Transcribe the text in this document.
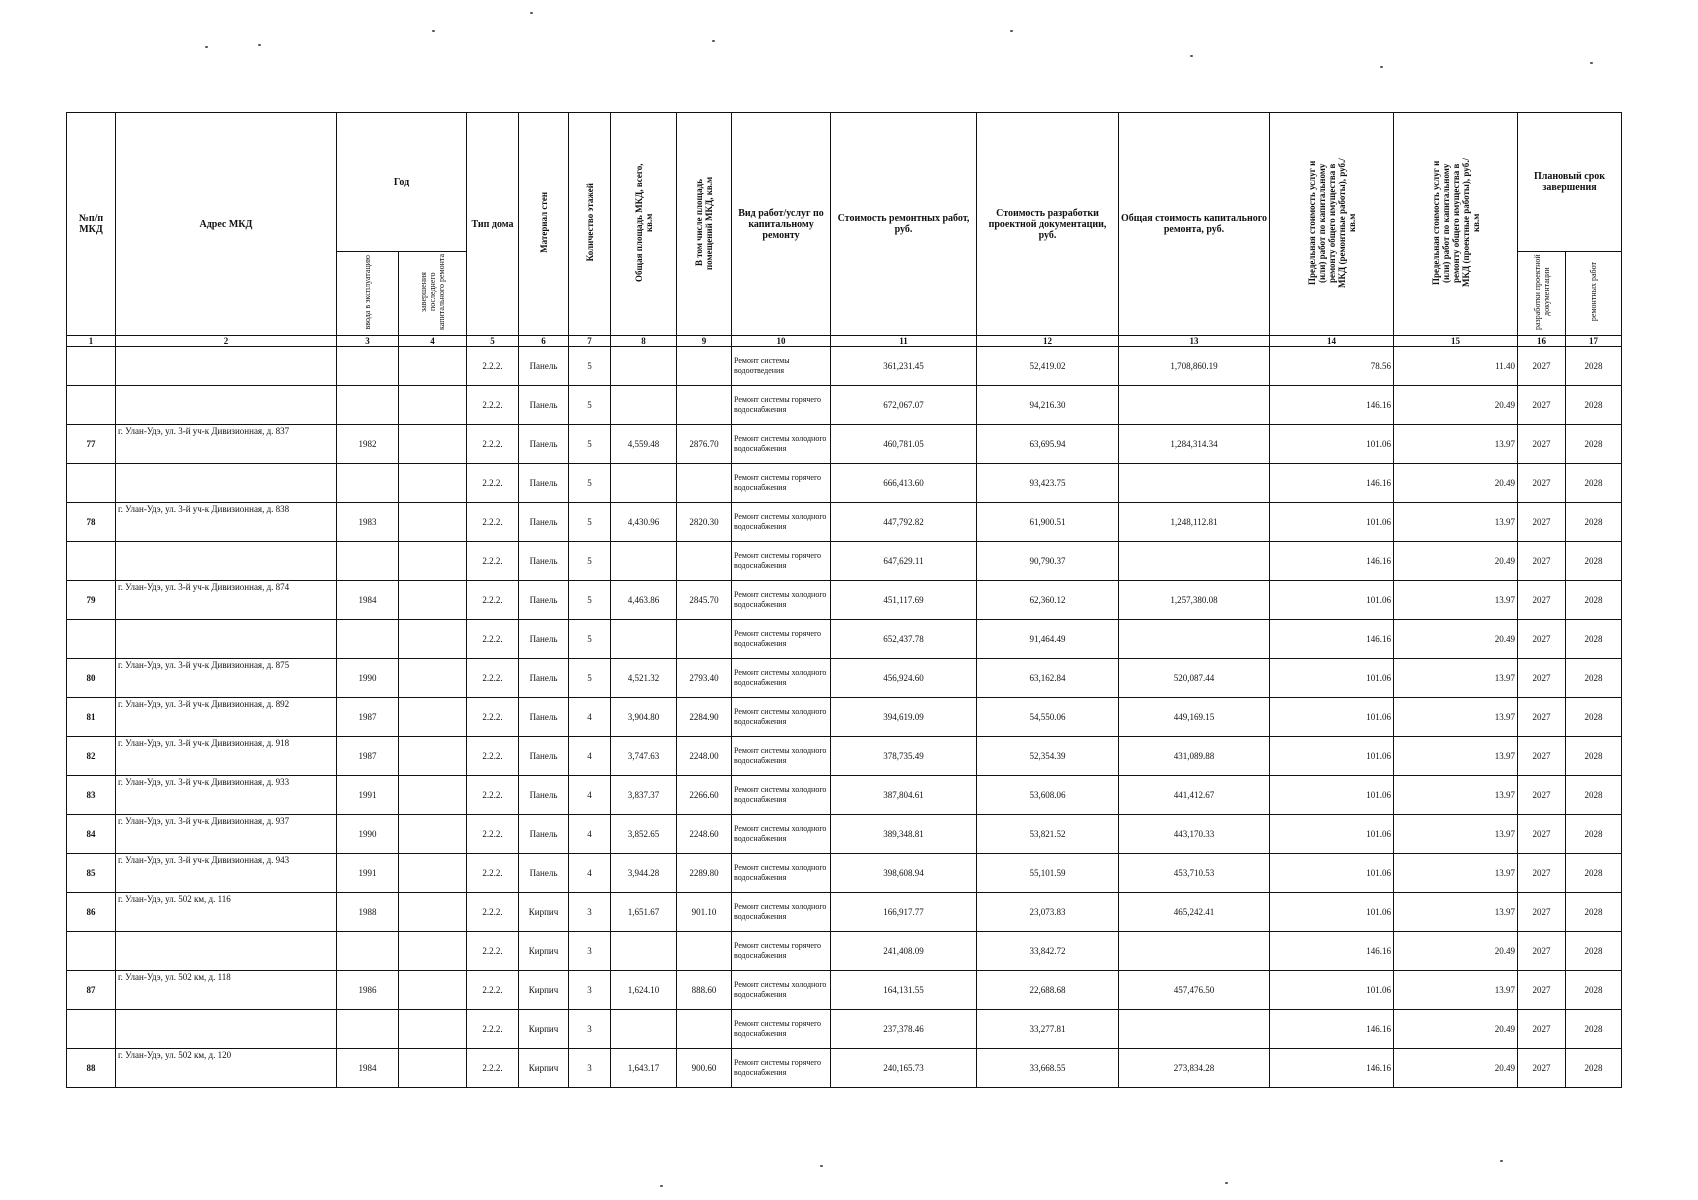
№п/п МКД	Адрес МКД	Год		Тип дома	Материал стен	Количество этажей	Общая площадь МКД, всего, кв.м	В том числе площадь помещений МКД, кв.м	Вид работ/услуг по капитальному ремонту	Стоимость ремонтных работ, руб.	Стоимость разработки проектной документации, руб.	Общая стоимость капитального ремонта, руб.	Предельная стоимость услуг и (или) работ по капитальному ремонту общего имущества в МКД (ремонтные работы), руб./кв.м	Предельная стоимость услуг и (или) работ по капитальному ремонту общего имущества в МКД (проектные работы), руб./кв.м	Плановый срок завершения	
		ввода в эксплуатацию	завершения последнего капитального ремонта												разработки проектной документации	ремонтных работ
1	2	3	4	5	6	7	8	9	10	11	12	13	14	15	16	17
				2.2.2.	Панель	5			Ремонт системы водоотведения	361,231.45	52,419.02	1,708,860.19	78.56	11.40	2027	2028
				2.2.2.	Панель	5			Ремонт системы горячего водоснабжения	672,067.07	94,216.30		146.16	20.49	2027	2028
77	г. Улан-Удэ, ул. 3-й уч-к Дивизионная, д. 837	1982		2.2.2.	Панель	5	4,559.48	2876.70	Ремонт системы холодного водоснабжения	460,781.05	63,695.94	1,284,314.34	101.06	13.97	2027	2028
				2.2.2.	Панель	5			Ремонт системы горячего водоснабжения	666,413.60	93,423.75		146.16	20.49	2027	2028
78	г. Улан-Удэ, ул. 3-й уч-к Дивизионная, д. 838	1983		2.2.2.	Панель	5	4,430.96	2820.30	Ремонт системы холодного водоснабжения	447,792.82	61,900.51	1,248,112.81	101.06	13.97	2027	2028
				2.2.2.	Панель	5			Ремонт системы горячего водоснабжения	647,629.11	90,790.37		146.16	20.49	2027	2028
79	г. Улан-Удэ, ул. 3-й уч-к Дивизионная, д. 874	1984		2.2.2.	Панель	5	4,463.86	2845.70	Ремонт системы холодного водоснабжения	451,117.69	62,360.12	1,257,380.08	101.06	13.97	2027	2028
				2.2.2.	Панель	5			Ремонт системы горячего водоснабжения	652,437.78	91,464.49		146.16	20.49	2027	2028
80	г. Улан-Удэ, ул. 3-й уч-к Дивизионная, д. 875	1990		2.2.2.	Панель	5	4,521.32	2793.40	Ремонт системы холодного водоснабжения	456,924.60	63,162.84	520,087.44	101.06	13.97	2027	2028
81	г. Улан-Удэ, ул. 3-й уч-к Дивизионная, д. 892	1987		2.2.2.	Панель	4	3,904.80	2284.90	Ремонт системы холодного водоснабжения	394,619.09	54,550.06	449,169.15	101.06	13.97	2027	2028
82	г. Улан-Удэ, ул. 3-й уч-к Дивизионная, д. 918	1987		2.2.2.	Панель	4	3,747.63	2248.00	Ремонт системы холодного водоснабжения	378,735.49	52,354.39	431,089.88	101.06	13.97	2027	2028
83	г. Улан-Удэ, ул. 3-й уч-к Дивизионная, д. 933	1991		2.2.2.	Панель	4	3,837.37	2266.60	Ремонт системы холодного водоснабжения	387,804.61	53,608.06	441,412.67	101.06	13.97	2027	2028
84	г. Улан-Удэ, ул. 3-й уч-к Дивизионная, д. 937	1990		2.2.2.	Панель	4	3,852.65	2248.60	Ремонт системы холодного водоснабжения	389,348.81	53,821.52	443,170.33	101.06	13.97	2027	2028
85	г. Улан-Удэ, ул. 3-й уч-к Дивизионная, д. 943	1991		2.2.2.	Панель	4	3,944.28	2289.80	Ремонт системы холодного водоснабжения	398,608.94	55,101.59	453,710.53	101.06	13.97	2027	2028
86	г. Улан-Удэ, ул. 502 км, д. 116	1988		2.2.2.	Кирпич	3	1,651.67	901.10	Ремонт системы холодного водоснабжения	166,917.77	23,073.83	465,242.41	101.06	13.97	2027	2028
				2.2.2.	Кирпич	3			Ремонт системы горячего водоснабжения	241,408.09	33,842.72		146.16	20.49	2027	2028
87	г. Улан-Удэ, ул. 502 км, д. 118	1986		2.2.2.	Кирпич	3	1,624.10	888.60	Ремонт системы холодного водоснабжения	164,131.55	22,688.68	457,476.50	101.06	13.97	2027	2028
				2.2.2.	Кирпич	3			Ремонт системы горячего водоснабжения	237,378.46	33,277.81		146.16	20.49	2027	2028
88	г. Улан-Удэ, ул. 502 км, д. 120	1984		2.2.2.	Кирпич	3	1,643.17	900.60	Ремонт системы горячего водоснабжения	240,165.73	33,668.55	273,834.28	146.16	20.49	2027	2028
